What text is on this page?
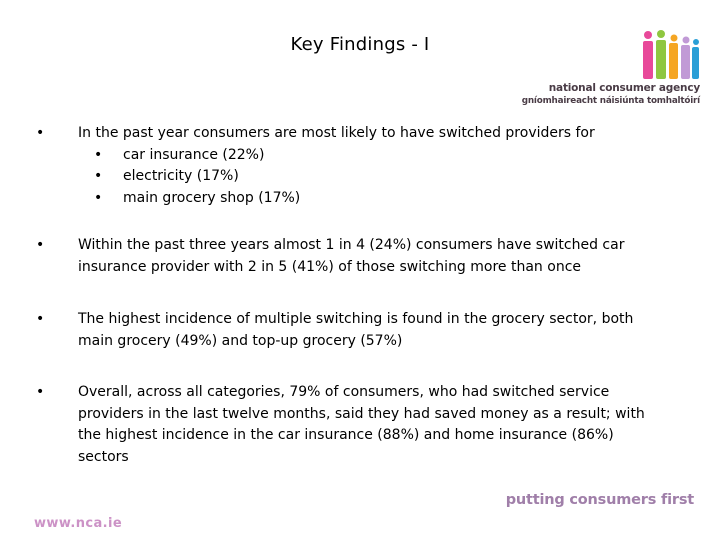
Key Findings - I
national consumer agency
gníomhaireacht náisiúnta tomhaltóirí
• In the past year consumers are most likely to have switched providers for
• car insurance (22%)
• electricity (17%)
• main grocery shop (17%)
• Within the past three years almost 1 in 4 (24%) consumers have switched car insurance provider with 2 in 5 (41%) of those switching more than once
• The highest incidence of multiple switching is found in the grocery sector, both main grocery (49%) and top-up grocery (57%)
• Overall, across all categories, 79% of consumers, who had switched service providers in the last twelve months, said they had saved money as a result; with the highest incidence in the car insurance (88%) and home insurance (86%) sectors
putting consumers first
www.nca.ie
